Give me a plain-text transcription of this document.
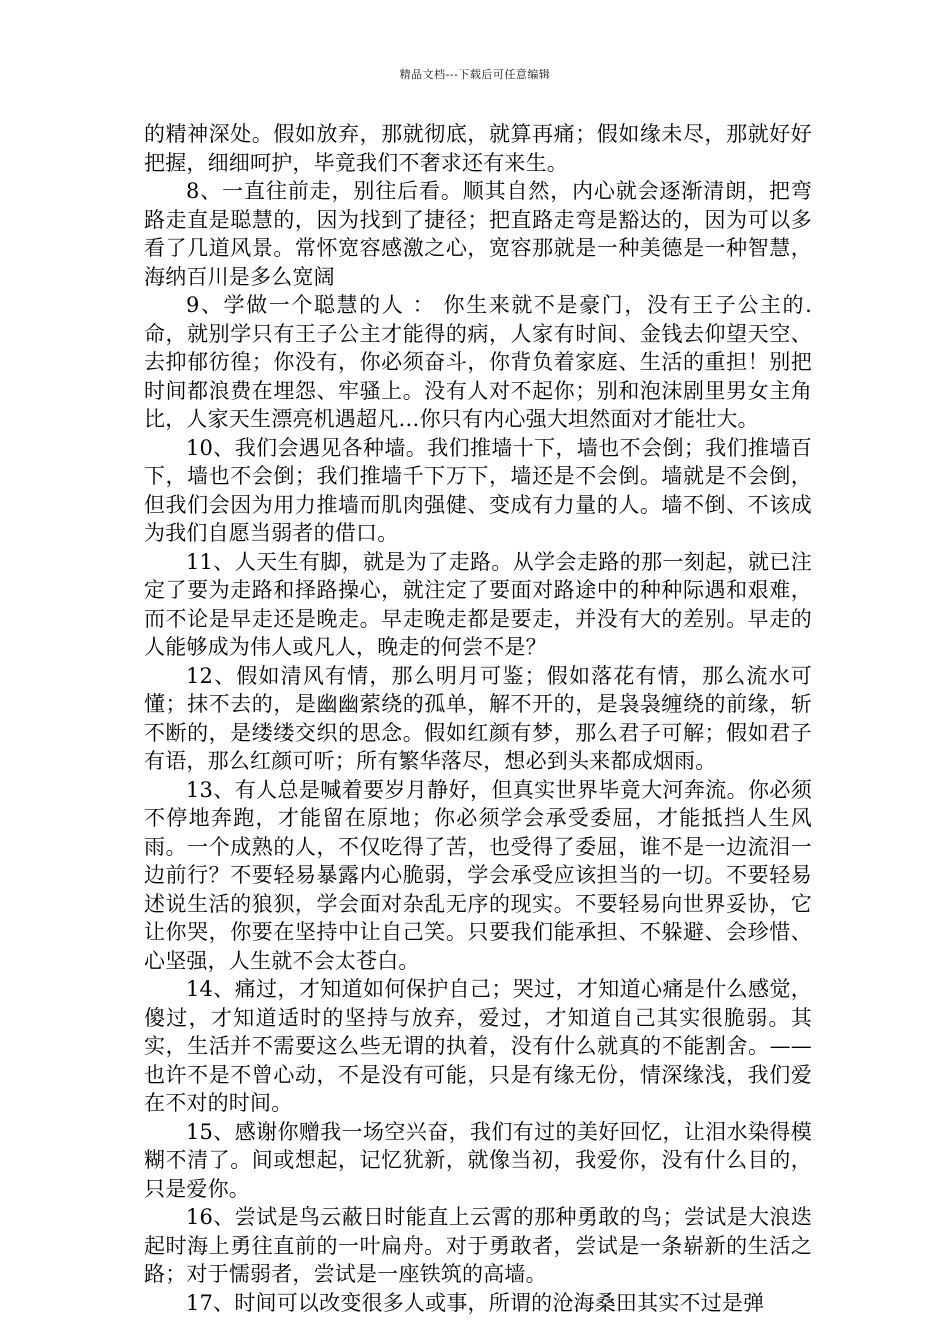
精品文档---下载后可任意编辑

的精神深处。假如放弃，那就彻底，就算再痛；假如缘未尽，那就好好把握，细细呵护，毕竟我们不奢求还有来生。

8、一直往前走，别往后看。顺其自然，内心就会逐渐清朗，把弯路走直是聪慧的，因为找到了捷径；把直路走弯是豁达的，因为可以多看了几道风景。常怀宽容感激之心，宽容那就是一种美德是一种智慧，海纳百川是多么宽阔

9、学做一个聪慧的人 ： 你生来就不是豪门，没有王子公主的.命，就别学只有王子公主才能得的病，人家有时间、金钱去仰望天空、去抑郁彷徨；你没有，你必须奋斗，你背负着家庭、生活的重担！别把时间都浪费在埋怨、牢骚上。没有人对不起你；别和泡沫剧里男女主角比，人家天生漂亮机遇超凡…你只有内心强大坦然面对才能壮大。

10、我们会遇见各种墙。我们推墙十下，墙也不会倒；我们推墙百下，墙也不会倒；我们推墙千下万下，墙还是不会倒。墙就是不会倒，但我们会因为用力推墙而肌肉强健、变成有力量的人。墙不倒、不该成为我们自愿当弱者的借口。

11、人天生有脚，就是为了走路。从学会走路的那一刻起，就已注定了要为走路和择路操心，就注定了要面对路途中的种种际遇和艰难，而不论是早走还是晚走。早走晚走都是要走，并没有大的差别。早走的人能够成为伟人或凡人，晚走的何尝不是？

12、假如清风有情，那么明月可鉴；假如落花有情，那么流水可懂；抹不去的，是幽幽萦绕的孤单，解不开的，是袅袅缠绕的前缘，斩不断的，是缕缕交织的思念。假如红颜有梦，那么君子可解；假如君子有语，那么红颜可听；所有繁华落尽，想必到头来都成烟雨。

13、有人总是喊着要岁月静好，但真实世界毕竟大河奔流。你必须不停地奔跑，才能留在原地；你必须学会承受委屈，才能抵挡人生风雨。一个成熟的人，不仅吃得了苦，也受得了委屈，谁不是一边流泪一边前行？不要轻易暴露内心脆弱，学会承受应该担当的一切。不要轻易述说生活的狼狈，学会面对杂乱无序的现实。不要轻易向世界妥协，它让你哭，你要在坚持中让自己笑。只要我们能承担、不躲避、会珍惜、心坚强，人生就不会太苍白。

14、痛过，才知道如何保护自己；哭过，才知道心痛是什么感觉，傻过，才知道适时的坚持与放弃，爱过，才知道自己其实很脆弱。其实，生活并不需要这么些无谓的执着，没有什么就真的不能割舍。——也许不是不曾心动，不是没有可能，只是有缘无份，情深缘浅，我们爱在不对的时间。

15、感谢你赠我一场空兴奋，我们有过的美好回忆，让泪水染得模糊不清了。间或想起，记忆犹新，就像当初，我爱你，没有什么目的，只是爱你。

16、尝试是鸟云蔽日时能直上云霄的那种勇敢的鸟；尝试是大浪迭起时海上勇往直前的一叶扁舟。对于勇敢者，尝试是一条崭新的生活之路；对于懦弱者，尝试是一座铁筑的高墙。

17、时间可以改变很多人或事，所谓的沧海桑田其实不过是弹
